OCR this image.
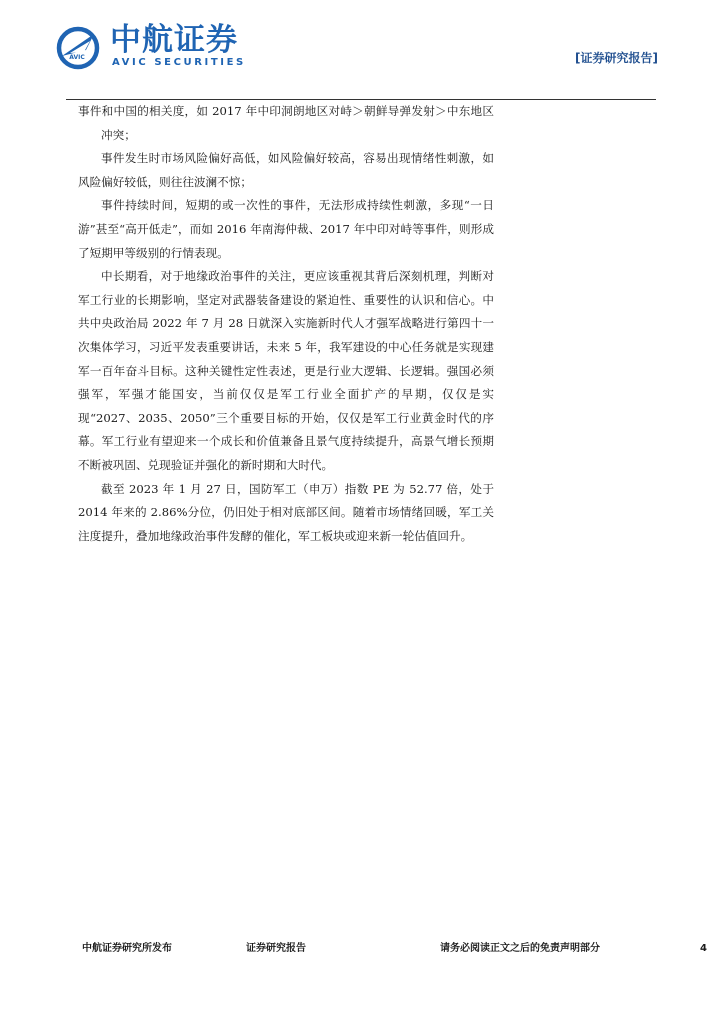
AVIC 中航证券
AVIC SECURITIES	[证券研究报告]

事件和中国的相关度，如 2017 年中印洞朗地区对峙＞朝鲜导弹发射＞中东地区冲突；

事件发生时市场风险偏好高低，如风险偏好较高，容易出现情绪性刺激，如风险偏好较低，则往往波澜不惊；

事件持续时间，短期的或一次性的事件，无法形成持续性刺激，多现“一日游”甚至“高开低走”，而如 2016 年南海仲裁、2017 年中印对峙等事件，则形成了短期甲等级别的行情表现。

中长期看，对于地缘政治事件的关注，更应该重视其背后深刻机理，判断对军工行业的长期影响，坚定对武器装备建设的紧迫性、重要性的认识和信心。中共中央政治局 2022 年 7 月 28 日就深入实施新时代人才强军战略进行第四十一次集体学习，习近平发表重要讲话，未来 5 年，我军建设的中心任务就是实现建军一百年奋斗目标。这种关键性定性表述，更是行业大逻辑、长逻辑。强国必须强军，军强才能国安，当前仅仅是军工行业全面扩产的早期，仅仅是实现“2027、2035、2050”三个重要目标的开始，仅仅是军工行业黄金时代的序幕。军工行业有望迎来一个成长和价值兼备且景气度持续提升，高景气增长预期不断被巩固、兑现验证并强化的新时期和大时代。

截至 2023 年 1 月 27 日，国防军工（申万）指数 PE 为 52.77 倍，处于 2014 年来的 2.86%分位，仍旧处于相对底部区间。随着市场情绪回暖，军工关注度提升，叠加地缘政治事件发酵的催化，军工板块或迎来新一轮估值回升。

中航证券研究所发布	证券研究报告	请务必阅读正文之后的免责声明部分	4
